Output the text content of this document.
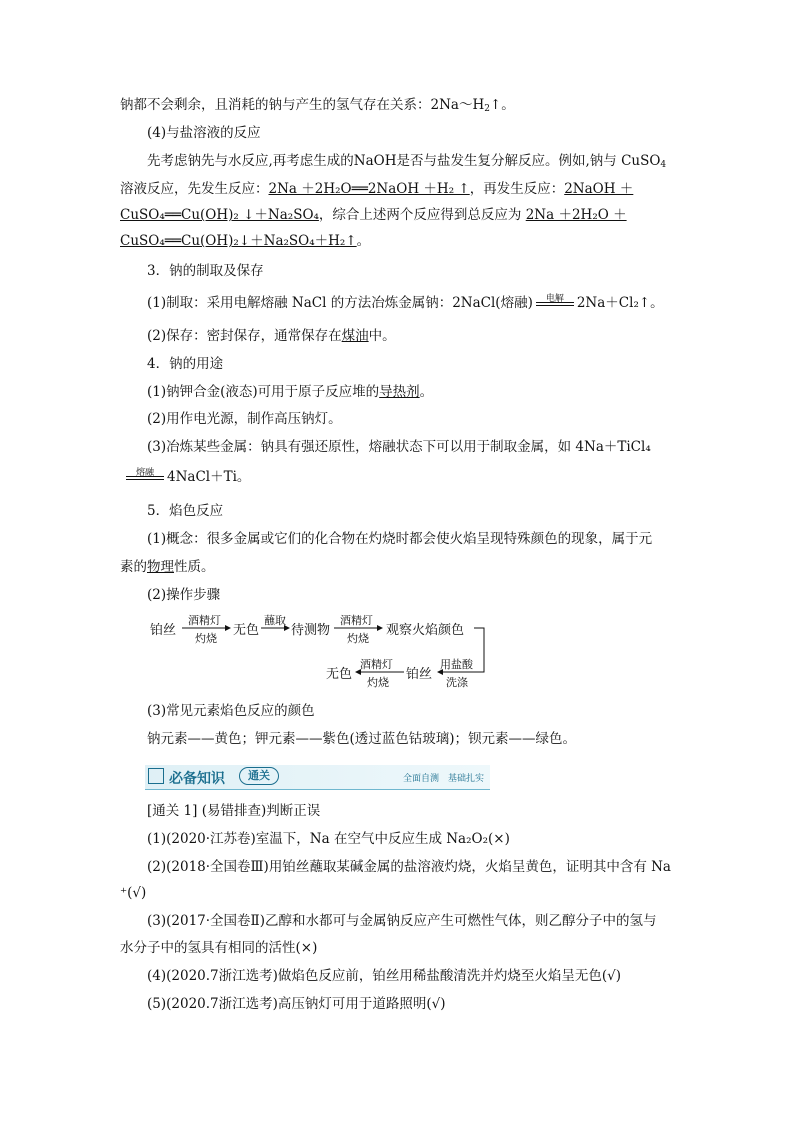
钠都不会剩余，且消耗的钠与产生的氢气存在关系：$2Na\sim H_2↑$。
(4)与盐溶液的反应
先考虑钠先与水反应,再考虑生成的NaOH是否与盐发生复分解反应。例如,钠与 CuSO$_4$
溶液反应，先发生反应：2Na ＋2H₂O══2NaOH ＋H₂ ↑，再发生反应：2NaOH ＋
CuSO₄══Cu(OH)₂ ↓＋Na₂SO₄，综合上述两个反应得到总反应为 2Na ＋2H₂O ＋
CuSO₄══Cu(OH)₂↓＋Na₂SO₄＋H₂↑。
3．钠的制取及保存
(1)制取：采用电解熔融 NaCl 的方法冶炼金属钠：2NaCl(熔融)	电解 2Na＋Cl₂↑。
(2)保存：密封保存，通常保存在煤油中。
4．钠的用途
(1)钠钾合金(液态)可用于原子反应堆的导热剂。
(2)用作电光源，制作高压钠灯。
(3)冶炼某些金属：钠具有强还原性，熔融状态下可以用于制取金属，如 4Na＋TiCl₄
熔融 4NaCl＋Ti。
5．焰色反应
(1)概念：很多金属或它们的化合物在灼烧时都会使火焰呈现特殊颜色的现象，属于元
素的物理性质。
(2)操作步骤
铂丝
酒精灯
灼烧
无色
蘸取
待测物
酒精灯
灼烧
观察火焰颜色
用盐酸
洗涤
铂丝
酒精灯
灼烧
无色
(3)常见元素焰色反应的颜色
钠元素——黄色；钾元素——紫色(透过蓝色钴玻璃)；钡元素——绿色。
必备知识	通关	全面自测　基础扎实
[通关 1] (易错排查)判断正误
(1)(2020·江苏卷)室温下，Na 在空气中反应生成 Na₂O₂(×)
(2)(2018·全国卷Ⅲ)用铂丝蘸取某碱金属的盐溶液灼烧，火焰呈黄色，证明其中含有 Na
⁺(√)
(3)(2017·全国卷Ⅱ)乙醇和水都可与金属钠反应产生可燃性气体，则乙醇分子中的氢与
水分子中的氢具有相同的活性(×)
(4)(2020.7浙江选考)做焰色反应前，铂丝用稀盐酸清洗并灼烧至火焰呈无色(√)
(5)(2020.7浙江选考)高压钠灯可用于道路照明(√)
